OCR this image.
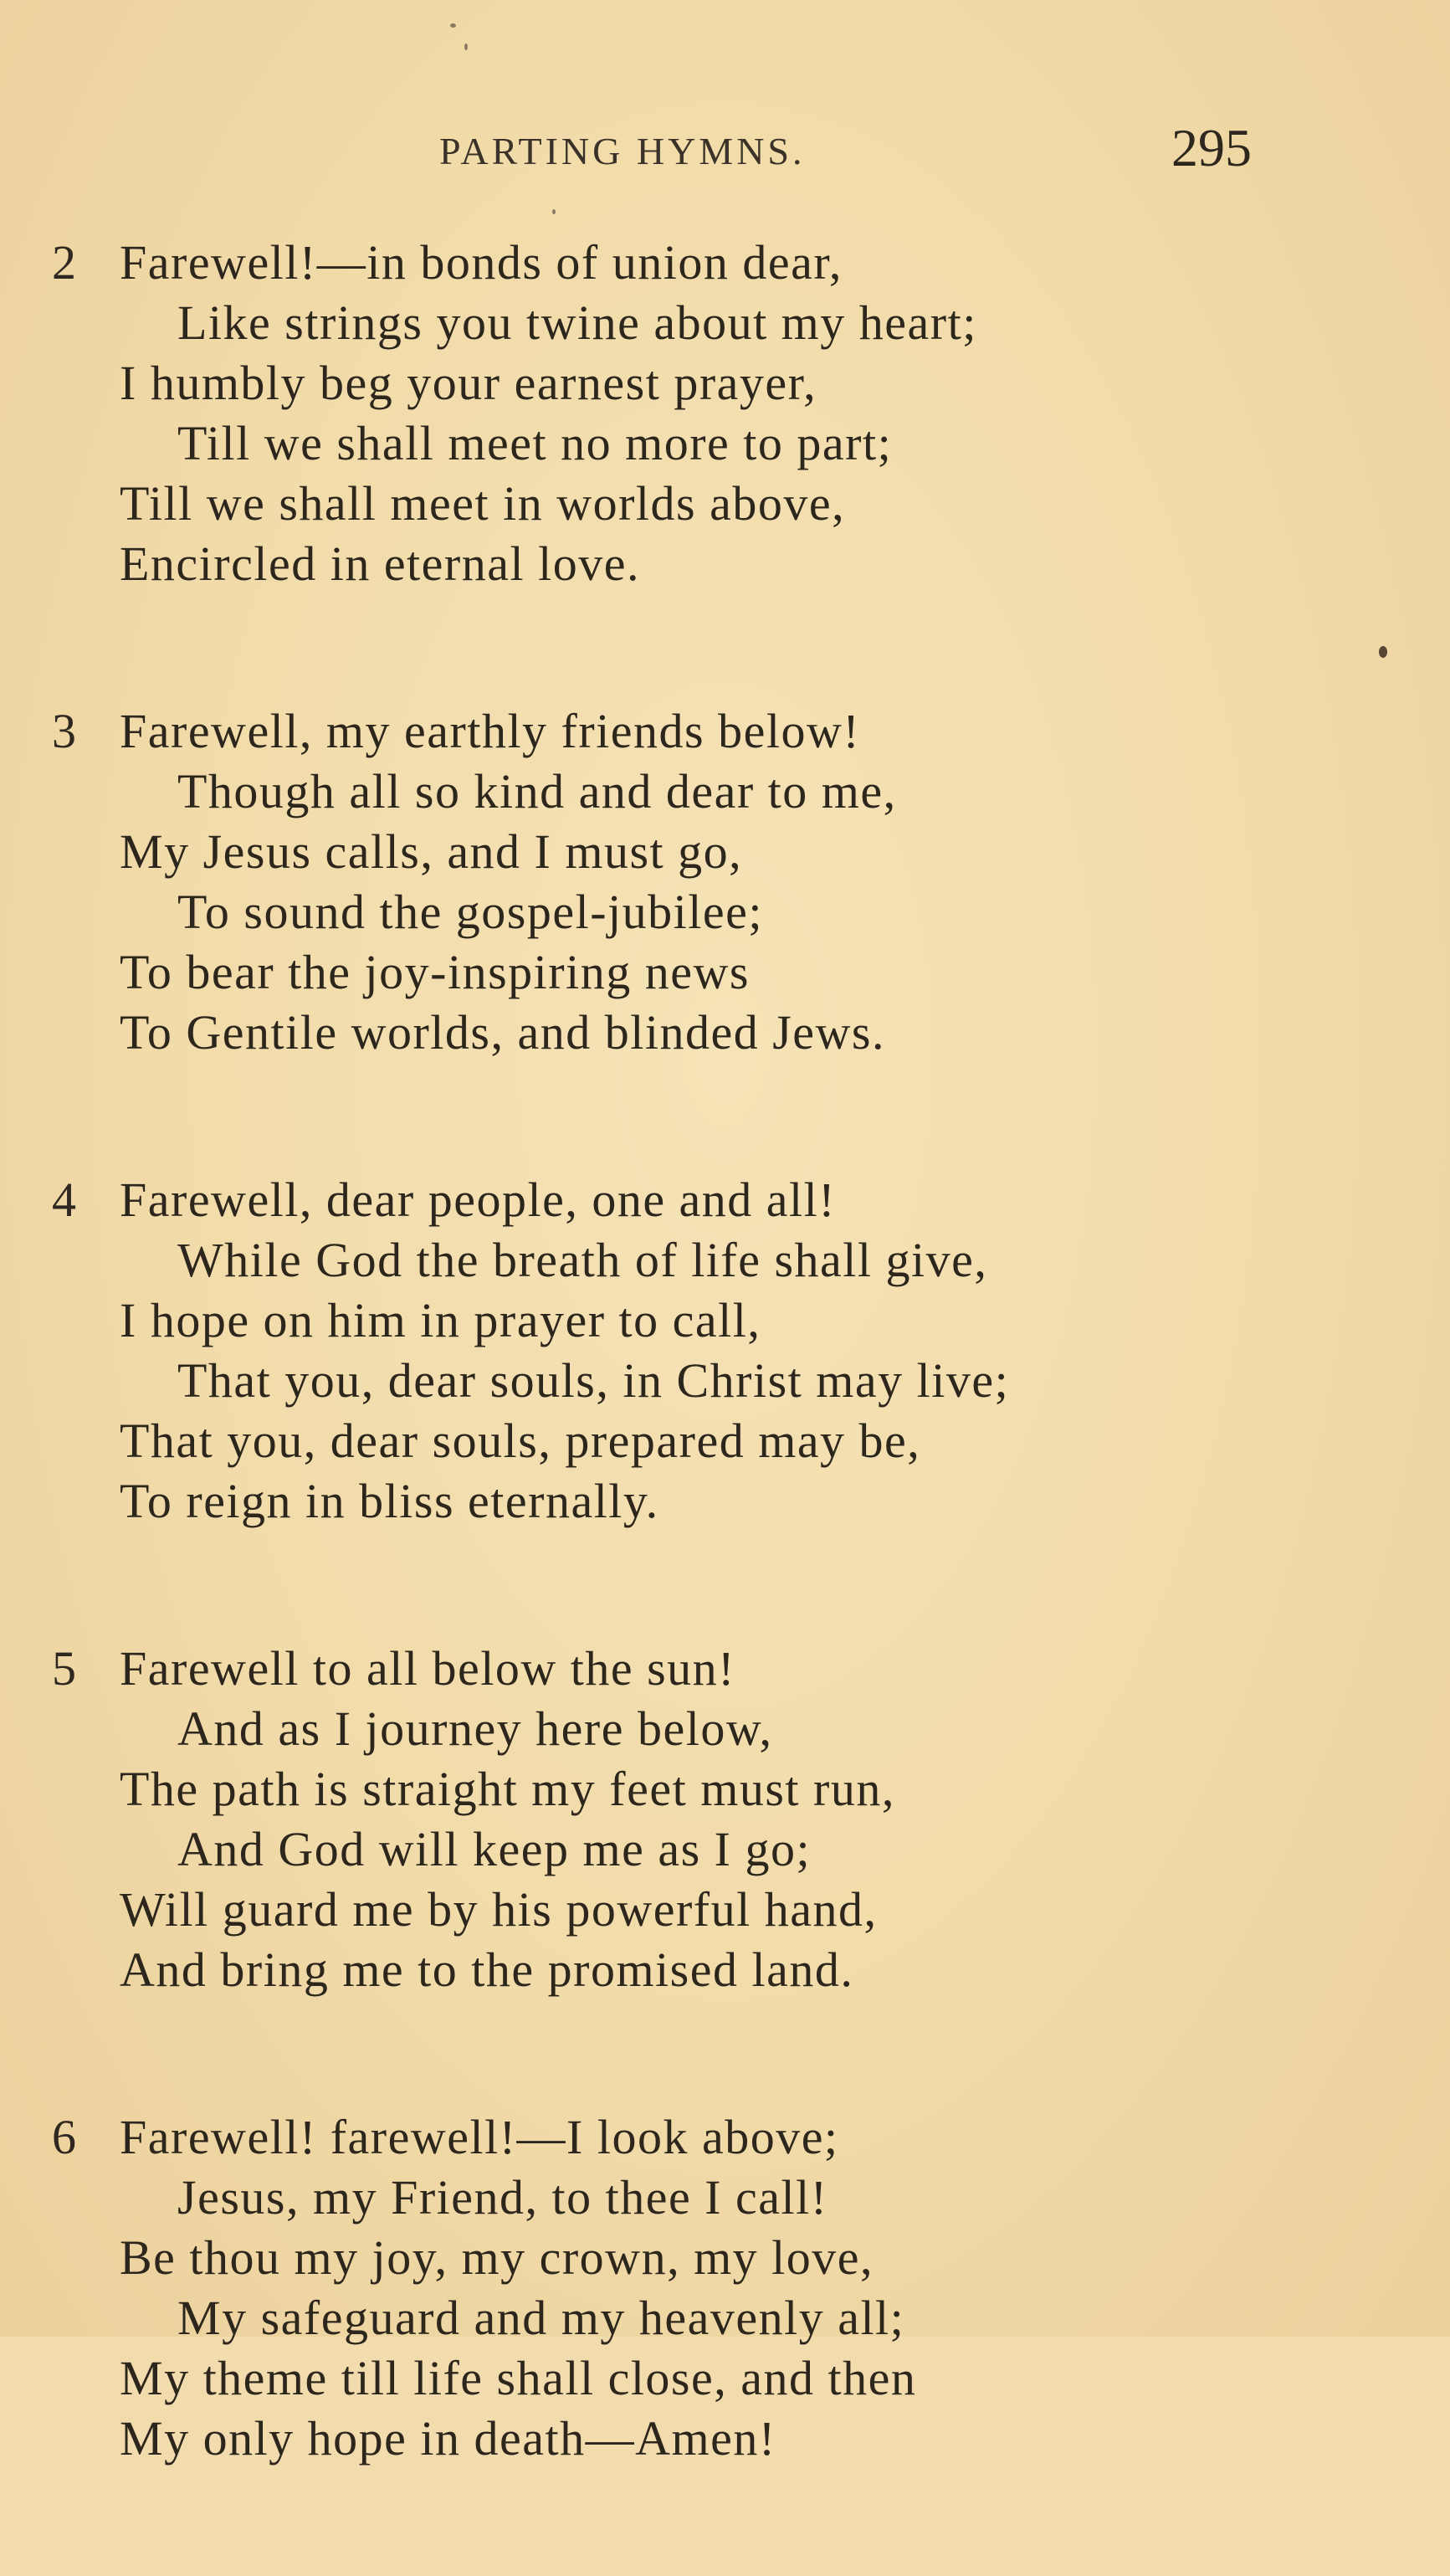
PARTING HYMNS.	295
2 Farewell!—in bonds of union dear,
Like strings you twine about my heart;
I humbly beg your earnest prayer,
Till we shall meet no more to part;
Till we shall meet in worlds above,
Encircled in eternal love.
3 Farewell, my earthly friends below!
Though all so kind and dear to me,
My Jesus calls, and I must go,
To sound the gospel-jubilee;
To bear the joy-inspiring news
To Gentile worlds, and blinded Jews.
4 Farewell, dear people, one and all!
While God the breath of life shall give,
I hope on him in prayer to call,
That you, dear souls, in Christ may live;
That you, dear souls, prepared may be,
To reign in bliss eternally.
5 Farewell to all below the sun!
And as I journey here below,
The path is straight my feet must run,
And God will keep me as I go;
Will guard me by his powerful hand,
And bring me to the promised land.
6 Farewell! farewell!—I look above;
Jesus, my Friend, to thee I call!
Be thou my joy, my crown, my love,
My safeguard and my heavenly all;
My theme till life shall close, and then
My only hope in death—Amen!
